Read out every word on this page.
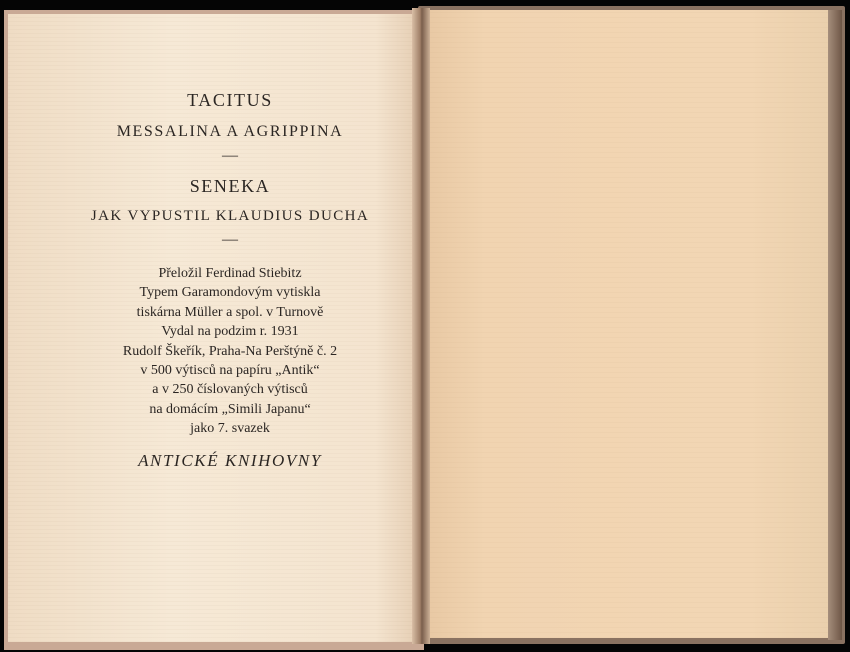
TACITUS
MESSALINA A AGRIPPINA
—
SENEKA
JAK VYPUSTIL KLAUDIUS DUCHA
—
Přeložil Ferdinad Stiebitz
Typem Garamondovým vytiskla
tiskárna Müller a spol. v Turnově
Vydal na podzim r. 1931
Rudolf Škeřík, Praha-Na Perštýně č. 2
v 500 výtisců na papíru „Antik“
a v 250 číslovaných výtisců
na domácím „Simili Japanu“
jako 7. svazek
ANTICKÉ KNIHOVNY
